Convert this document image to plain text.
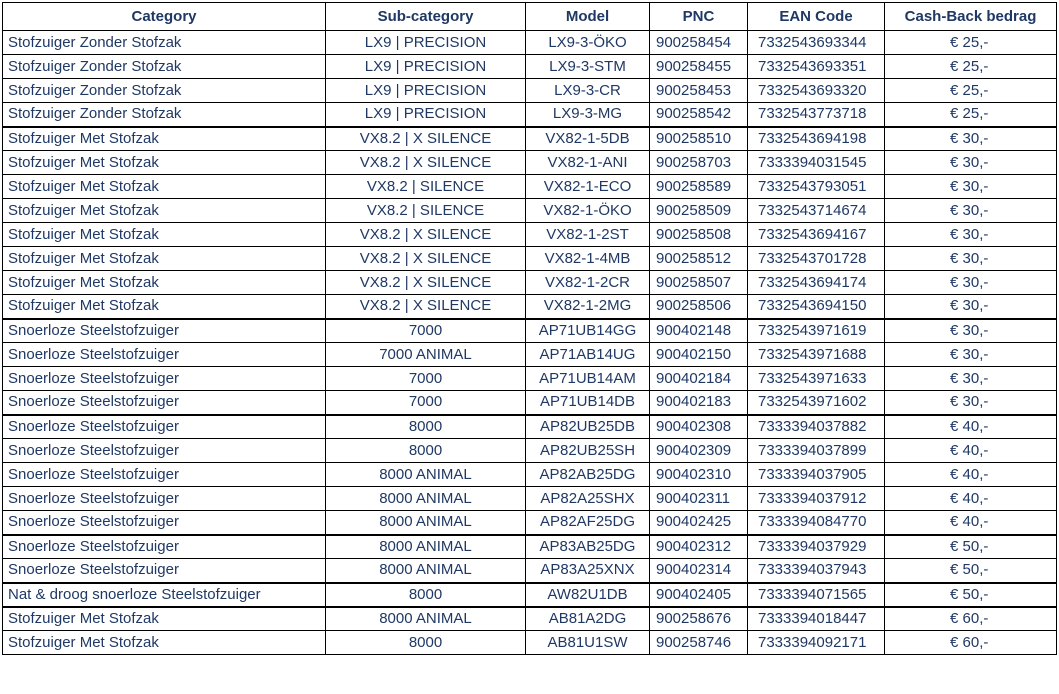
Category	Sub-category	Model	PNC	EAN Code	Cash-Back bedrag
Stofzuiger Zonder Stofzak	LX9 | PRECISION	LX9-3-ÖKO	900258454	7332543693344	€ 25,-
Stofzuiger Zonder Stofzak	LX9 | PRECISION	LX9-3-STM	900258455	7332543693351	€ 25,-
Stofzuiger Zonder Stofzak	LX9 | PRECISION	LX9-3-CR	900258453	7332543693320	€ 25,-
Stofzuiger Zonder Stofzak	LX9 | PRECISION	LX9-3-MG	900258542	7332543773718	€ 25,-
Stofzuiger Met Stofzak	VX8.2 | X SILENCE	VX82-1-5DB	900258510	7332543694198	€ 30,-
Stofzuiger Met Stofzak	VX8.2 | X SILENCE	VX82-1-ANI	900258703	7333394031545	€ 30,-
Stofzuiger Met Stofzak	VX8.2 | SILENCE	VX82-1-ECO	900258589	7332543793051	€ 30,-
Stofzuiger Met Stofzak	VX8.2 | SILENCE	VX82-1-ÖKO	900258509	7332543714674	€ 30,-
Stofzuiger Met Stofzak	VX8.2 | X SILENCE	VX82-1-2ST	900258508	7332543694167	€ 30,-
Stofzuiger Met Stofzak	VX8.2 | X SILENCE	VX82-1-4MB	900258512	7332543701728	€ 30,-
Stofzuiger Met Stofzak	VX8.2 | X SILENCE	VX82-1-2CR	900258507	7332543694174	€ 30,-
Stofzuiger Met Stofzak	VX8.2 | X SILENCE	VX82-1-2MG	900258506	7332543694150	€ 30,-
Snoerloze Steelstofzuiger	7000	AP71UB14GG	900402148	7332543971619	€ 30,-
Snoerloze Steelstofzuiger	7000 ANIMAL	AP71AB14UG	900402150	7332543971688	€ 30,-
Snoerloze Steelstofzuiger	7000	AP71UB14AM	900402184	7332543971633	€ 30,-
Snoerloze Steelstofzuiger	7000	AP71UB14DB	900402183	7332543971602	€ 30,-
Snoerloze Steelstofzuiger	8000	AP82UB25DB	900402308	7333394037882	€ 40,-
Snoerloze Steelstofzuiger	8000	AP82UB25SH	900402309	7333394037899	€ 40,-
Snoerloze Steelstofzuiger	8000 ANIMAL	AP82AB25DG	900402310	7333394037905	€ 40,-
Snoerloze Steelstofzuiger	8000 ANIMAL	AP82A25SHX	900402311	7333394037912	€ 40,-
Snoerloze Steelstofzuiger	8000 ANIMAL	AP82AF25DG	900402425	7333394084770	€ 40,-
Snoerloze Steelstofzuiger	8000 ANIMAL	AP83AB25DG	900402312	7333394037929	€ 50,-
Snoerloze Steelstofzuiger	8000 ANIMAL	AP83A25XNX	900402314	7333394037943	€ 50,-
Nat & droog snoerloze Steelstofzuiger	8000	AW82U1DB	900402405	7333394071565	€ 50,-
Stofzuiger Met Stofzak	8000 ANIMAL	AB81A2DG	900258676	7333394018447	€ 60,-
Stofzuiger Met Stofzak	8000	AB81U1SW	900258746	7333394092171	€ 60,-
